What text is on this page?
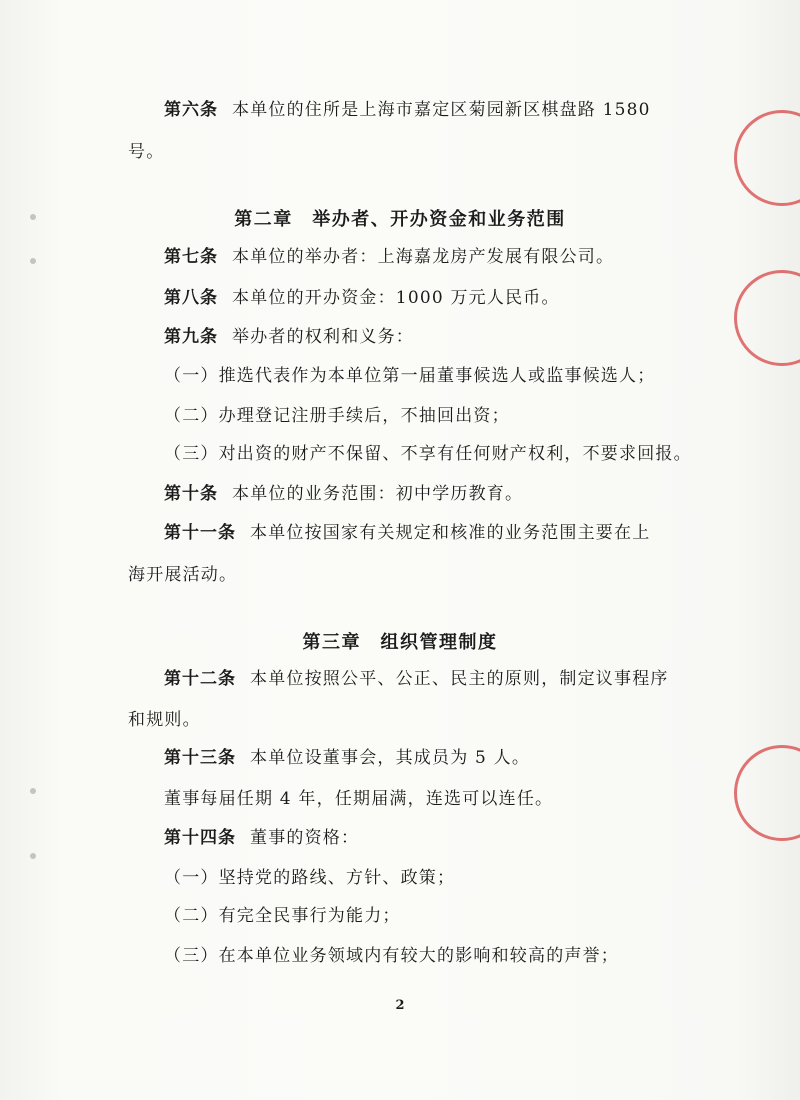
第六条 本单位的住所是上海市嘉定区菊园新区棋盘路 1580
号。
第二章　举办者、开办资金和业务范围
第七条 本单位的举办者：上海嘉龙房产发展有限公司。
第八条 本单位的开办资金：1000 万元人民币。
第九条 举办者的权利和义务：
（一）推选代表作为本单位第一届董事候选人或监事候选人；
（二）办理登记注册手续后，不抽回出资；
（三）对出资的财产不保留、不享有任何财产权利，不要求回报。
第十条 本单位的业务范围：初中学历教育。
第十一条 本单位按国家有关规定和核准的业务范围主要在上
海开展活动。
第三章　组织管理制度
第十二条 本单位按照公平、公正、民主的原则，制定议事程序
和规则。
第十三条 本单位设董事会，其成员为 5 人。
董事每届任期 4 年，任期届满，连选可以连任。
第十四条 董事的资格：
（一）坚持党的路线、方针、政策；
（二）有完全民事行为能力；
（三）在本单位业务领域内有较大的影响和较高的声誉；
2
